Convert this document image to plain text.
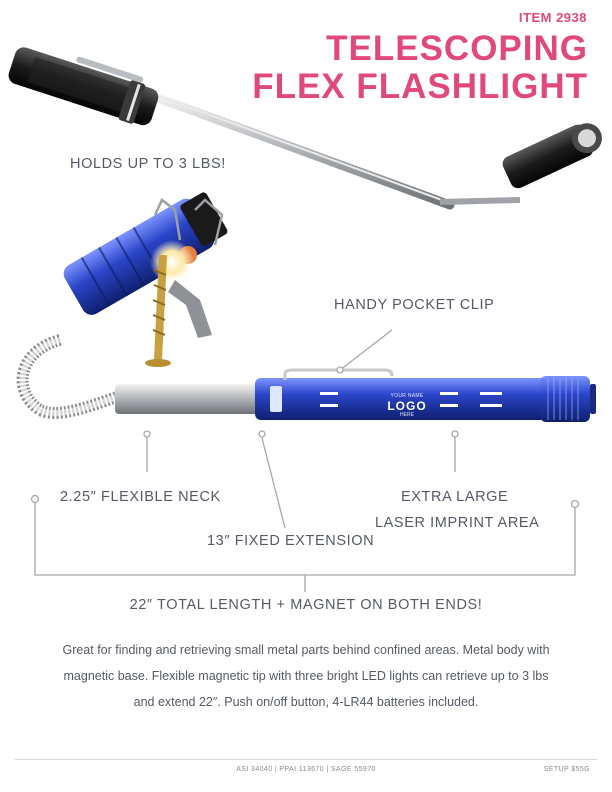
ITEM 2938
TELESCOPING
FLEX FLASHLIGHT
HOLDS UP TO 3 LBS!
HANDY POCKET CLIP
2.25″ FLEXIBLE NECK	EXTRA LARGE
LASER IMPRINT AREA
13″ FIXED EXTENSION
22″ TOTAL LENGTH + MAGNET ON BOTH ENDS!
YOUR NAME
LOGO
HERE
Great for finding and retrieving small metal parts behind confined areas. Metal body with magnetic base. Flexible magnetic tip with three bright LED lights can retrieve up to 3 lbs and extend 22″. Push on/off button, 4-LR44 batteries included.
ASI 34040 | PPAI 113670 | SAGE 55970	SETUP $55G
